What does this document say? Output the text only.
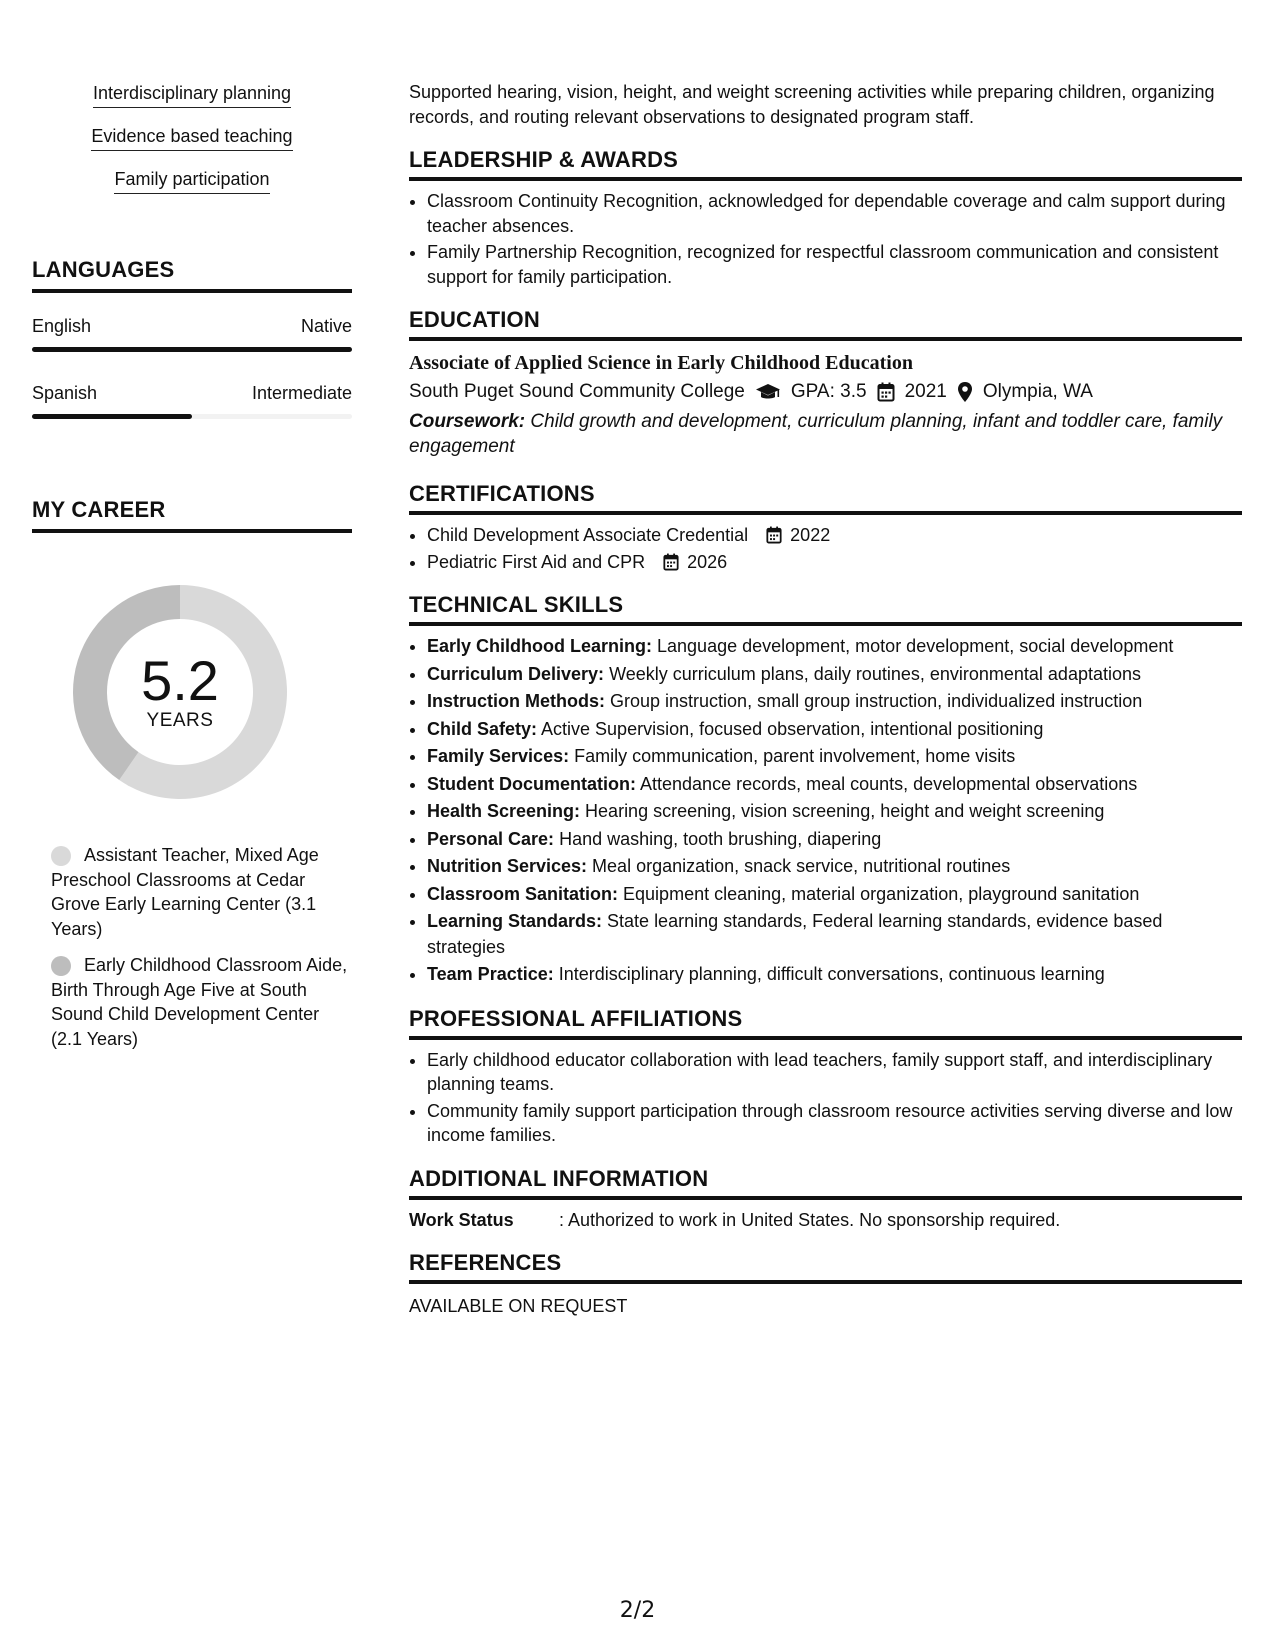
Interdisciplinary planning
Evidence based teaching
Family participation
LANGUAGES
English	Native
Spanish	Intermediate
MY CAREER
5.2
YEARS
Assistant Teacher, Mixed Age Preschool Classrooms at Cedar Grove Early Learning Center (3.1 Years)
Early Childhood Classroom Aide, Birth Through Age Five at South Sound Child Development Center (2.1 Years)

Supported hearing, vision, height, and weight screening activities while preparing children, organizing records, and routing relevant observations to designated program staff.

LEADERSHIP & AWARDS
• Classroom Continuity Recognition, acknowledged for dependable coverage and calm support during teacher absences.
• Family Partnership Recognition, recognized for respectful classroom communication and consistent support for family participation.
EDUCATION
Associate of Applied Science in Early Childhood Education
South Puget Sound Community College GPA: 3.5 2021 Olympia, WA
Coursework: Child growth and development, curriculum planning, infant and toddler care, family engagement
CERTIFICATIONS
• Child Development Associate Credential 2022
• Pediatric First Aid and CPR 2026
TECHNICAL SKILLS
• Early Childhood Learning: Language development, motor development, social development
• Curriculum Delivery: Weekly curriculum plans, daily routines, environmental adaptations
• Instruction Methods: Group instruction, small group instruction, individualized instruction
• Child Safety: Active Supervision, focused observation, intentional positioning
• Family Services: Family communication, parent involvement, home visits
• Student Documentation: Attendance records, meal counts, developmental observations
• Health Screening: Hearing screening, vision screening, height and weight screening
• Personal Care: Hand washing, tooth brushing, diapering
• Nutrition Services: Meal organization, snack service, nutritional routines
• Classroom Sanitation: Equipment cleaning, material organization, playground sanitation
• Learning Standards: State learning standards, Federal learning standards, evidence based strategies
• Team Practice: Interdisciplinary planning, difficult conversations, continuous learning
PROFESSIONAL AFFILIATIONS
• Early childhood educator collaboration with lead teachers, family support staff, and interdisciplinary planning teams.
• Community family support participation through classroom resource activities serving diverse and low income families.
ADDITIONAL INFORMATION
Work Status	: Authorized to work in United States. No sponsorship required.
REFERENCES
AVAILABLE ON REQUEST
2/2
